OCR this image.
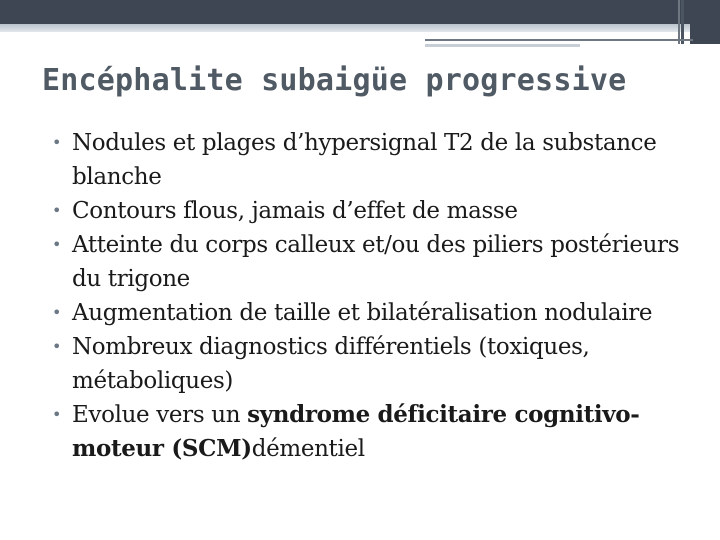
Encéphalite subaigüe progressive
• Nodules et plages d’hypersignal T2 de la substance blanche
• Contours flous, jamais d’effet de masse
• Atteinte du corps calleux et/ou des piliers postérieurs du trigone
• Augmentation de taille et bilatéralisation nodulaire
• Nombreux diagnostics différentiels (toxiques, métaboliques)
• Evolue vers un syndrome déficitaire cognitivo-moteur (SCM)démentiel
